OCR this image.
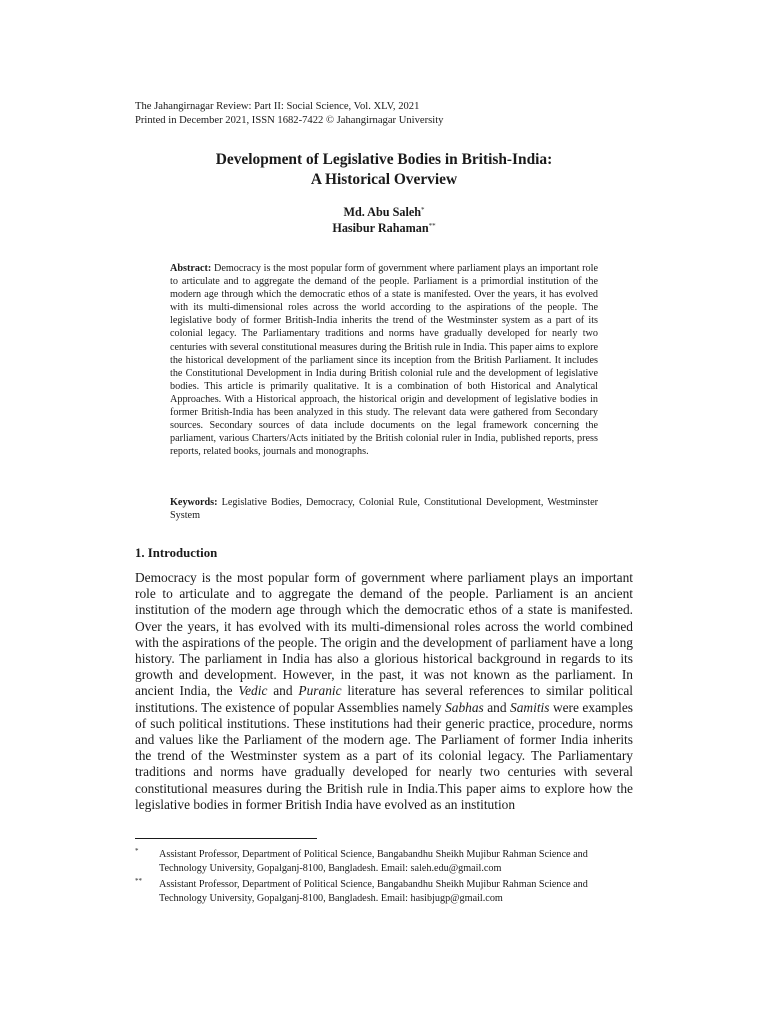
The Jahangirnagar Review: Part II: Social Science, Vol. XLV, 2021
Printed in December 2021, ISSN 1682-7422 © Jahangirnagar University
Development of Legislative Bodies in British-India:
A Historical Overview
Md. Abu Saleh*
Hasibur Rahaman**
Abstract: Democracy is the most popular form of government where parliament plays an important role to articulate and to aggregate the demand of the people. Parliament is a primordial institution of the modern age through which the democratic ethos of a state is manifested. Over the years, it has evolved with its multi-dimensional roles across the world according to the aspirations of the people. The legislative body of former British-India inherits the trend of the Westminster system as a part of its colonial legacy. The Parliamentary traditions and norms have gradually developed for nearly two centuries with several constitutional measures during the British rule in India. This paper aims to explore the historical development of the parliament since its inception from the British Parliament. It includes the Constitutional Development in India during British colonial rule and the development of legislative bodies. This article is primarily qualitative. It is a combination of both Historical and Analytical Approaches. With a Historical approach, the historical origin and development of legislative bodies in former British-India has been analyzed in this study. The relevant data were gathered from Secondary sources. Secondary sources of data include documents on the legal framework concerning the parliament, various Charters/Acts initiated by the British colonial ruler in India, published reports, press reports, related books, journals and monographs.
Keywords: Legislative Bodies, Democracy, Colonial Rule, Constitutional Development, Westminster System
1. Introduction
Democracy is the most popular form of government where parliament plays an important role to articulate and to aggregate the demand of the people. Parliament is an ancient institution of the modern age through which the democratic ethos of a state is manifested. Over the years, it has evolved with its multi-dimensional roles across the world combined with the aspirations of the people. The origin and the development of parliament have a long history. The parliament in India has also a glorious historical background in regards to its growth and development. However, in the past, it was not known as the parliament. In ancient India, the Vedic and Puranic literature has several references to similar political institutions. The existence of popular Assemblies namely Sabhas and Samitis were examples of such political institutions. These institutions had their generic practice, procedure, norms and values like the Parliament of the modern age. The Parliament of former India inherits the trend of the Westminster system as a part of its colonial legacy. The Parliamentary traditions and norms have gradually developed for nearly two centuries with several constitutional measures during the British rule in India.This paper aims to explore how the legislative bodies in former British India have evolved as an institution
* Assistant Professor, Department of Political Science, Bangabandhu Sheikh Mujibur Rahman Science and Technology University, Gopalganj-8100, Bangladesh. Email: saleh.edu@gmail.com
** Assistant Professor, Department of Political Science, Bangabandhu Sheikh Mujibur Rahman Science and Technology University, Gopalganj-8100, Bangladesh. Email: hasibjugp@gmail.com
